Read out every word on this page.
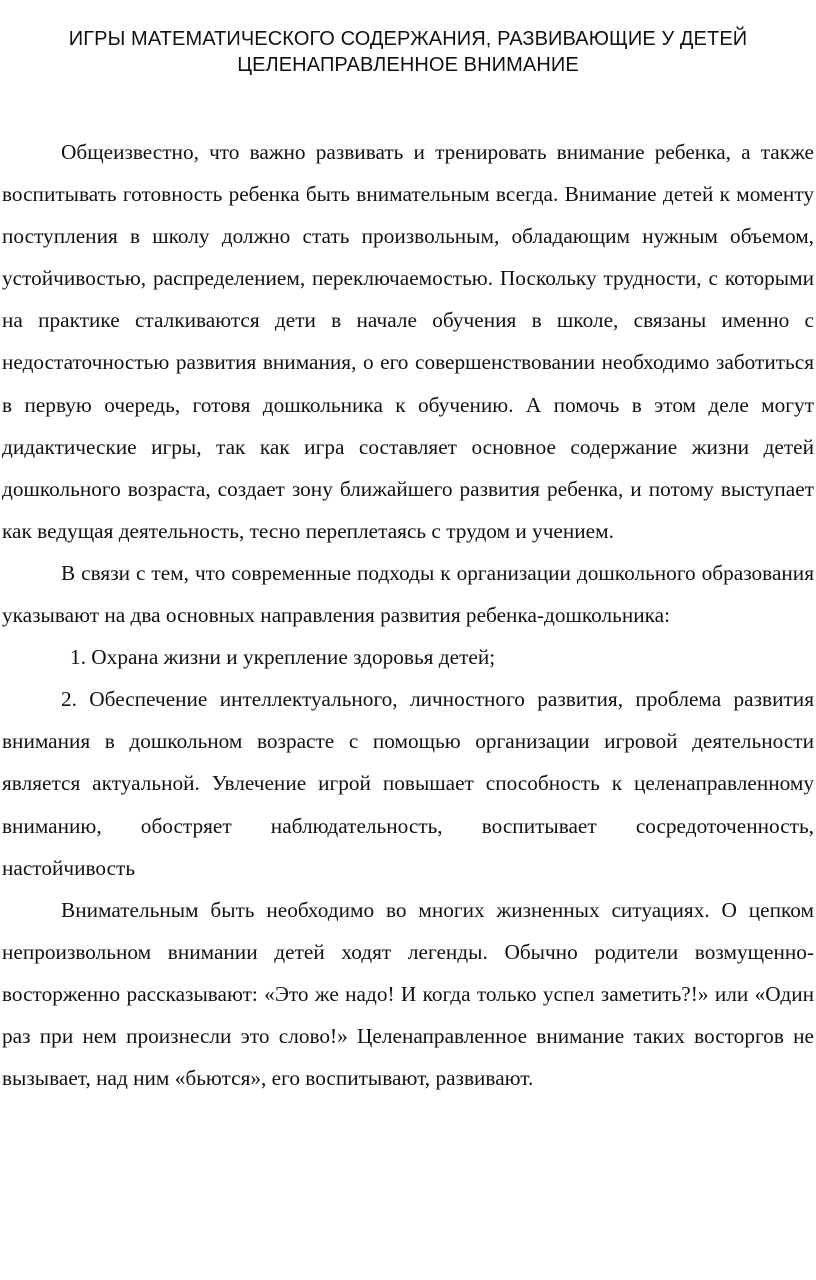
ИГРЫ МАТЕМАТИЧЕСКОГО СОДЕРЖАНИЯ, РАЗВИВАЮЩИЕ У ДЕТЕЙ ЦЕЛЕНАПРАВЛЕННОЕ ВНИМАНИЕ

Общеизвестно, что важно развивать и тренировать внимание ребенка, а также воспитывать готовность ребенка быть внимательным всегда. Внимание детей к моменту поступления в школу должно стать произвольным, обладающим нужным объемом, устойчивостью, распределением, переключаемостью. Поскольку трудности, с которыми на практике сталкиваются дети в начале обучения в школе, связаны именно с недостаточностью развития внимания, о его совершенствовании необходимо заботиться в первую очередь, готовя дошкольника к обучению. А помочь в этом деле могут дидактические игры, так как игра составляет основное содержание жизни детей дошкольного возраста, создает зону ближайшего развития ребенка, и потому выступает как ведущая деятельность, тесно переплетаясь с трудом и учением.

В связи с тем, что современные подходы к организации дошкольного образования указывают на два основных направления развития ребенка-дошкольника:

1. Охрана жизни и укрепление здоровья детей;

2. Обеспечение интеллектуального, личностного развития, проблема развития внимания в дошкольном возрасте с помощью организации игровой деятельности является актуальной. Увлечение игрой повышает способность к целенаправленному вниманию, обостряет наблюдательность, воспитывает сосредоточенность, настойчивость

Внимательным быть необходимо во многих жизненных ситуациях. О цепком непроизвольном внимании детей ходят легенды. Обычно родители возмущенно-восторженно рассказывают: «Это же надо! И когда только успел заметить?!» или «Один раз при нем произнесли это слово!» Целенаправленное внимание таких восторгов не вызывает, над ним «бьются», его воспитывают, развивают.
